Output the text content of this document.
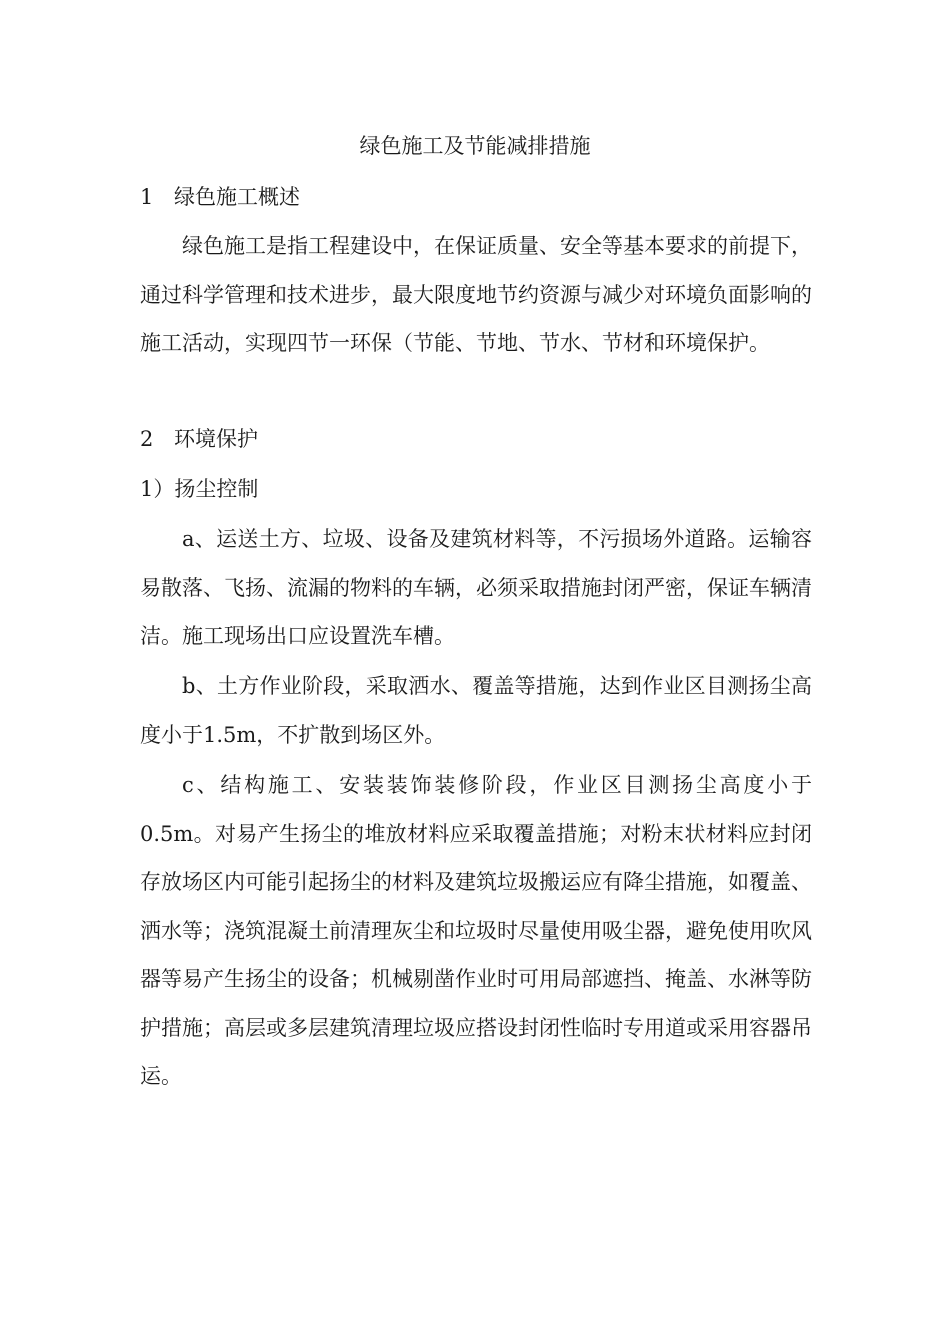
绿色施工及节能减排措施
1 绿色施工概述

绿色施工是指工程建设中，在保证质量、安全等基本要求的前提下，通过科学管理和技术进步，最大限度地节约资源与减少对环境负面影响的施工活动，实现四节一环保（节能、节地、节水、节材和环境保护。

2 环境保护
1）扬尘控制

a、运送土方、垃圾、设备及建筑材料等，不污损场外道路。运输容易散落、飞扬、流漏的物料的车辆，必须采取措施封闭严密，保证车辆清洁。施工现场出口应设置洗车槽。

b、土方作业阶段，采取洒水、覆盖等措施，达到作业区目测扬尘高度小于1.5m，不扩散到场区外。

c、结构施工、安装装饰装修阶段，作业区目测扬尘高度小于0.5m。对易产生扬尘的堆放材料应采取覆盖措施；对粉末状材料应封闭存放场区内可能引起扬尘的材料及建筑垃圾搬运应有降尘措施，如覆盖、洒水等；浇筑混凝土前清理灰尘和垃圾时尽量使用吸尘器，避免使用吹风器等易产生扬尘的设备；机械剔凿作业时可用局部遮挡、掩盖、水淋等防护措施；高层或多层建筑清理垃圾应搭设封闭性临时专用道或采用容器吊运。
